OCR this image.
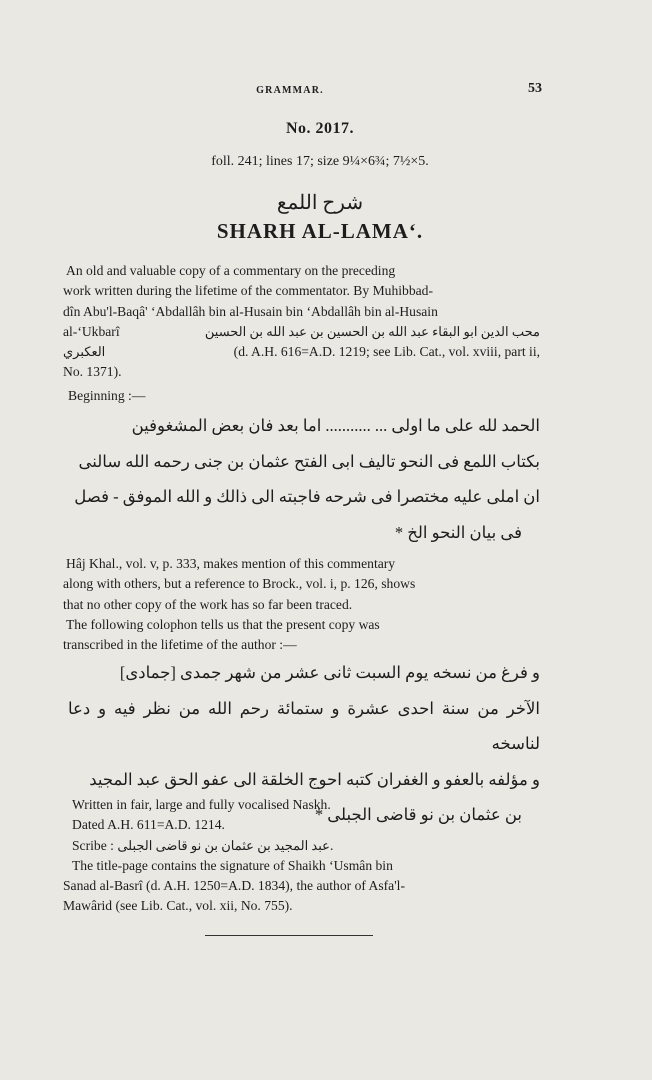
GRAMMAR.	53
No. 2017.
foll. 241; lines 17; size 9¼×6¾; 7½×5.
شرح اللمع
SHARH AL-LAMA‘.
An old and valuable copy of a commentary on the preceding
work written during the lifetime of the commentator. By Muhibbad-
dîn Abu'l-Baqâ' ‘Abdallâh bin al-Husain bin ‘Abdallâh bin al-Husain
al-‘Ukbarî	محب الدين ابو البقاء عبد الله بن الحسين بن عبد الله بن الحسين
العكبري	(d. A.H. 616=A.D. 1219; see Lib. Cat., vol. xviii, part ii,
No. 1371).
Beginning :—
الحمد لله على ما اولى ... ........... اما بعد فان بعض المشغوفين
بكتاب اللمع فى النحو تاليف ابى الفتح عثمان بن جنى رحمه الله سالنى
ان املى عليه مختصرا فى شرحه فاجبته الى ذالك و الله الموفق - فصل
فى بيان النحو الخ *
Hâj Khal., vol. v, p. 333, makes mention of this commentary
along with others, but a reference to Brock., vol. i, p. 126, shows
that no other copy of the work has so far been traced.
The following colophon tells us that the present copy was
transcribed in the lifetime of the author :—
و فرغ من نسخه يوم السبت ثانى عشر من شهر جمدى [جمادى]
الآخر من سنة احدى عشرة و ستمائة رحم الله من نظر فيه و دعا لناسخه
و مؤلفه بالعفو و الغفران كتبه احوج الخلقة الى عفو الحق عبد المجيد
بن عثمان بن نو قاضى الجبلى *
Written in fair, large and fully vocalised Naskh.
Dated A.H. 611=A.D. 1214.
Scribe : عبد المجيد بن عثمان بن نو قاضى الجبلى.
The title-page contains the signature of Shaikh ‘Usmân bin
Sanad al-Basrî (d. A.H. 1250=A.D. 1834), the author of Asfa'l-
Mawârid (see Lib. Cat., vol. xii, No. 755).
